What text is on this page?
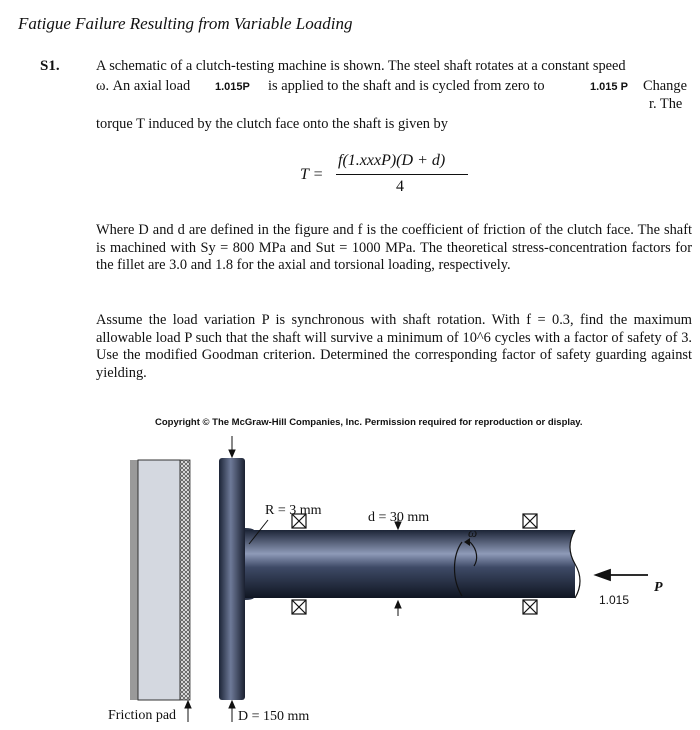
Fatigue Failure Resulting from Variable Loading
S1.	A schematic of a clutch-testing machine is shown. The steel shaft rotates at a constant speed
ω. An axial load 1.015P is applied to the shaft and is cycled from zero to	1.015 P Change
r. The
torque T induced by the clutch face onto the shaft is given by
T =
f(1.xxxP)(D + d)
4

Where D and d are defined in the figure and f is the coefficient of friction of the clutch face. The shaft is machined with Sy = 800 MPa and Sut = 1000 MPa. The theoretical stress-concentration factors for the fillet are 3.0 and 1.8 for the axial and torsional loading, respectively.

Assume the load variation P is synchronous with shaft rotation. With f = 0.3, find the maximum allowable load P such that the shaft will survive a minimum of 10^6 cycles with a factor of safety of 3. Use the modified Goodman criterion. Determined the corresponding factor of safety guarding against yielding.

Copyright © The McGraw-Hill Companies, Inc. Permission required for reproduction or display.
R = 3 mm	d = 30 mm
ω
P
1.015
Friction pad	D = 150 mm
